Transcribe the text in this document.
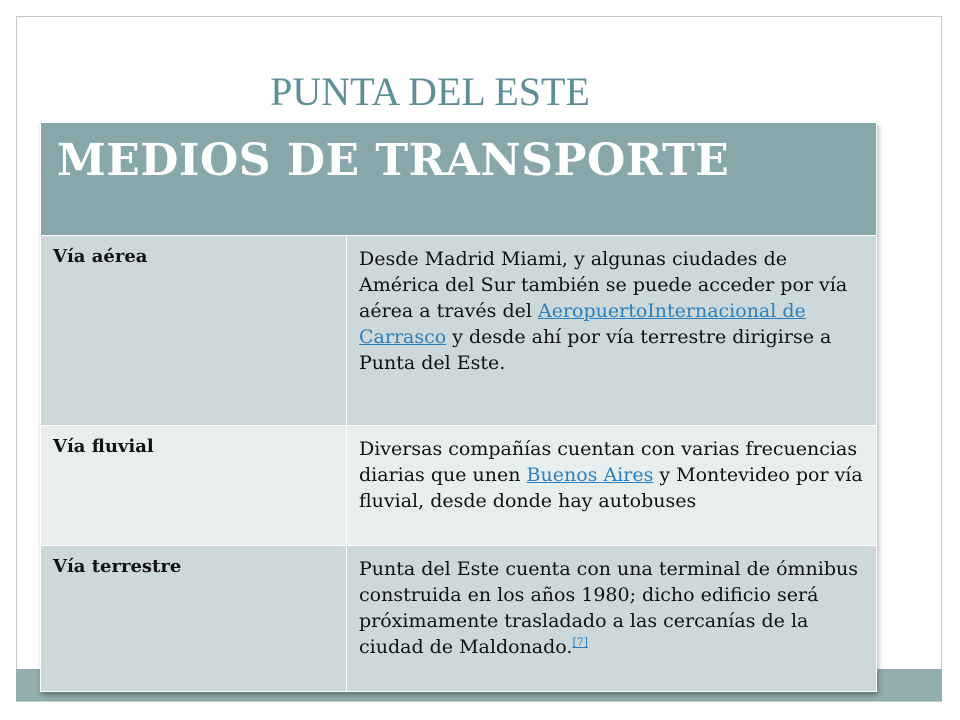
PUNTA DEL ESTE
MEDIOS DE TRANSPORTE	
Vía aérea	Desde Madrid Miami, y algunas ciudades de América del Sur también se puede acceder por vía aérea a través del AeropuertoInternacional de Carrasco y desde ahí por vía terrestre dirigirse a Punta del Este.
Vía fluvial	Diversas compañías cuentan con varias frecuencias diarias que unen Buenos Aires y Montevideo por vía fluvial, desde donde hay autobuses
Vía terrestre	Punta del Este cuenta con una terminal de ómnibus construida en los años 1980; dicho edificio será próximamente trasladado a las cercanías de la ciudad de Maldonado.[7]
